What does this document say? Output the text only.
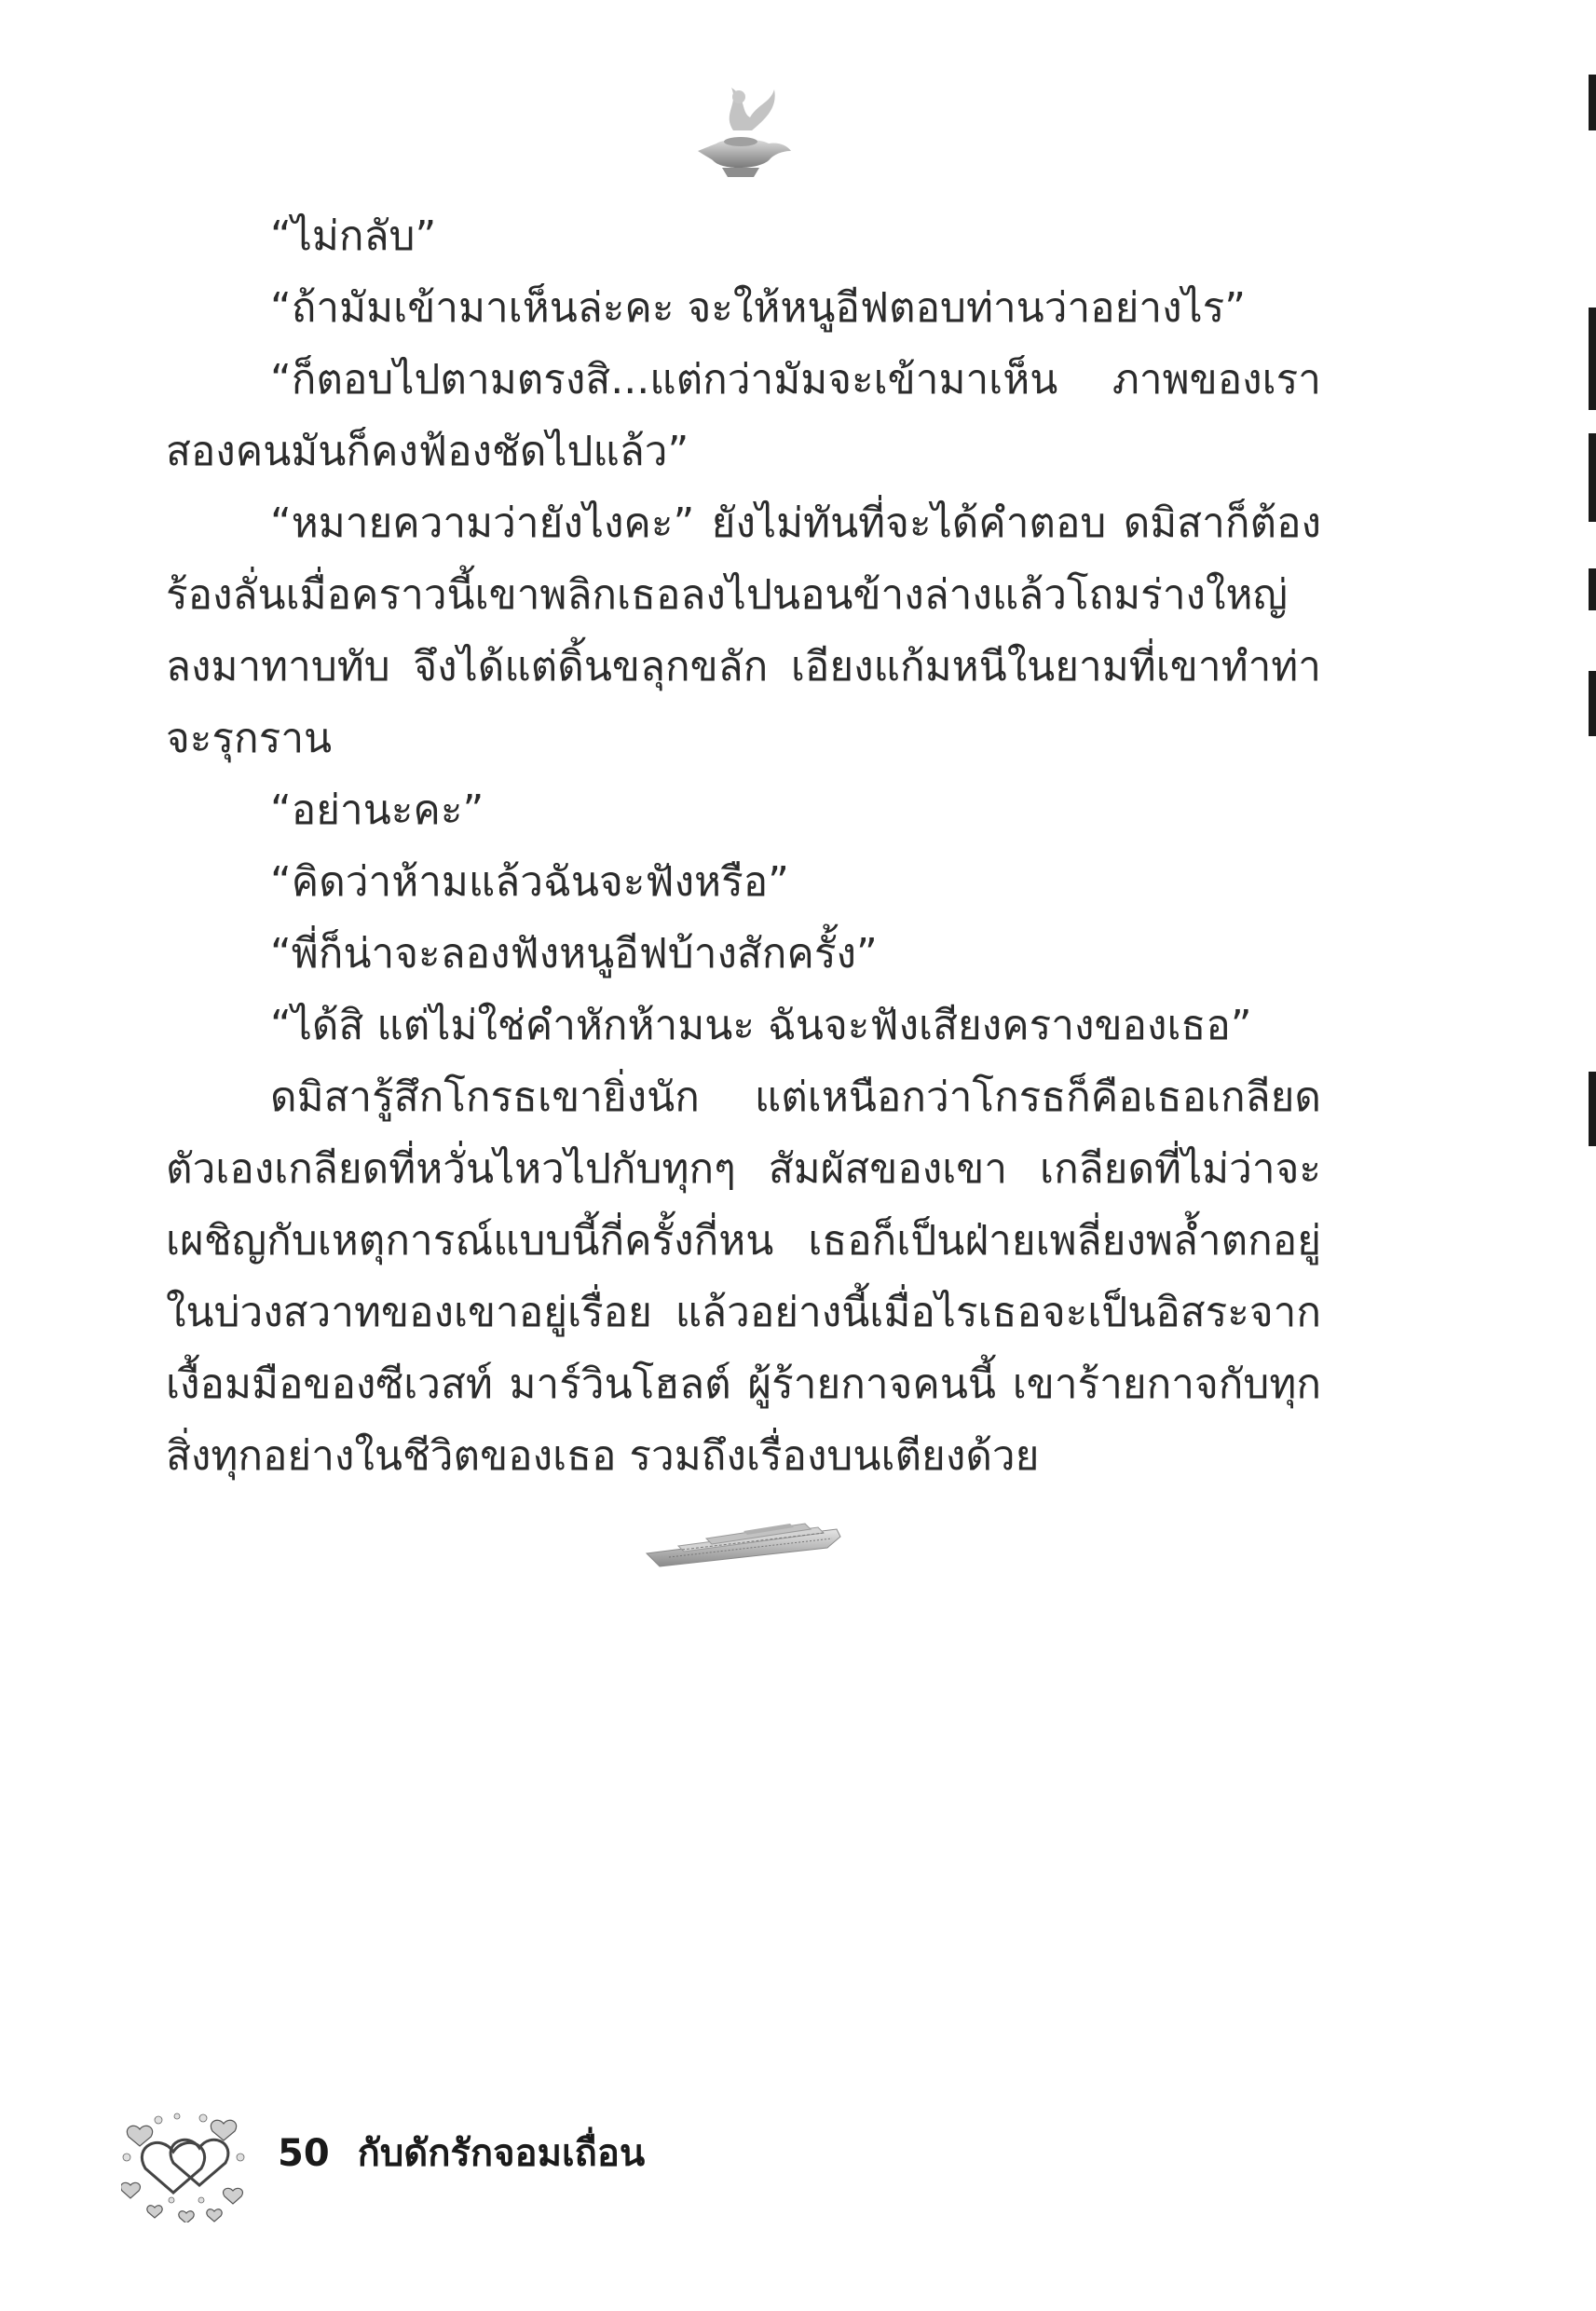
“ไม่กลับ”

“ถ้ามัมเข้ามาเห็นล่ะคะ จะให้หนูอีฟตอบท่านว่าอย่างไร”

“ก็ตอบไปตามตรงสิ...แต่กว่ามัมจะเข้ามาเห็น ภาพของเราสองคนมันก็คงฟ้องชัดไปแล้ว”

“หมายความว่ายังไงคะ” ยังไม่ทันที่จะได้คำตอบ ดมิสาก็ต้องร้องลั่นเมื่อคราวนี้เขาพลิกเธอลงไปนอนข้างล่างแล้วโถมร่างใหญ่ลงมาทาบทับ จึงได้แต่ดิ้นขลุกขลัก เอียงแก้มหนีในยามที่เขาทำท่าจะรุกราน

“อย่านะคะ”

“คิดว่าห้ามแล้วฉันจะฟังหรือ”

“พี่ก็น่าจะลองฟังหนูอีฟบ้างสักครั้ง”

“ได้สิ แต่ไม่ใช่คำหักห้ามนะ ฉันจะฟังเสียงครางของเธอ”

ดมิสารู้สึกโกรธเขายิ่งนัก แต่เหนือกว่าโกรธก็คือเธอเกลียดตัวเองเกลียดที่หวั่นไหวไปกับทุกๆ สัมผัสของเขา เกลียดที่ไม่ว่าจะเผชิญกับเหตุการณ์แบบนี้กี่ครั้งกี่หน เธอก็เป็นฝ่ายเพลี่ยงพล้ำตกอยู่ในบ่วงสวาทของเขาอยู่เรื่อย แล้วอย่างนี้เมื่อไรเธอจะเป็นอิสระจากเงื้อมมือของซีเวสท์ มาร์วินโฮลต์ ผู้ร้ายกาจคนนี้ เขาร้ายกาจกับทุกสิ่งทุกอย่างในชีวิตของเธอ รวมถึงเรื่องบนเตียงด้วย

50 กับดักรักจอมเถื่อน
